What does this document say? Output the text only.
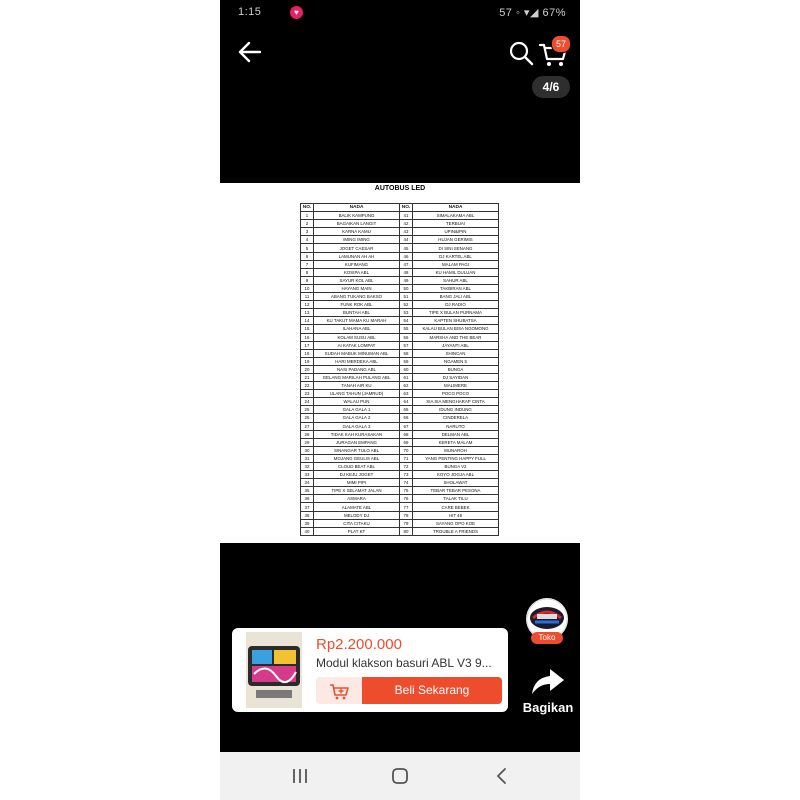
1:15	♥	57 ◦ ▾◢ 67%
57
4/6
AUTOBUS LED
NO.	NADA	NO.	NADA
1	BALIK KAMPUNG	41	SIMALAKAMA ABL
2	BAGAIKAN LANGIT	42	TERBUAI
3	KARNA KAMU	43	UPIN&IPIN
4	IMING IMING	44	HUJAN GERIMIS
5	JOGET CAESAR	45	DI SINI SENANG
6	LAMUNAN AH AH	46	DJ KARTEL ABL
7	KUFIMANG	47	MALAM PAGI
8	KOSIPA ABL	48	KU HAMIL DULUAN
9	SAYUR KOL ABL	49	SAHUR ABL
10	HAYANG MAIN	50	TAKBIRAN ABL
11	ABANG TUKANG BAKSO	51	BANG JALI ABL
12	FUNK ROK ABL	52	DJ RADIO
13	BUNTAH ABL	53	TIPE X BULAN PURNAMA
14	KU TAKUT MAMA KU MARAH	54	KAPTEN SHUBATSA
15	ILAHANA ABL	55	KALAU BULAN BISA NGOMONG
16	KOLAM SUSU ABL	56	MARSHA AND THE BEAR
17	AI KATAK LOMPAT	57	JAYANTI ABL
18	SUDAH MABUK MINUMAN ABL	58	SHINCAN
19	HARI MERDEKA ABL	59	NGAMEN 5
20	NASI PADANG ABL	60	BUNGA
21	GELANG MARILAH PULANG ABL	61	DJ SAYIDAN
22	TANAH AIR KU	62	MALIMERE
23	ULANG TAHUN (JAMRUD)	63	POCO POCO
24	WALAU PUN	64	SIA SIA MENGHARAP CINTA
25	GALA GALA 1	65	IDUNG INDUNG
26	GALA GALA 2	66	CINDERELA
27	GALA GALA 3	67	NARUTO
28	TIDAK KAH KURASAKAN	68	DELMAN ABL
29	JURAGAN EMPANG	69	KERETA MALAM
30	SINANGAR TULO ABL	70	MUNAROH
31	MOJANG GEULIS ABL	71	YANG PENTING HAPPY FULL
32	CLOUD BEAT ABL	72	BUNGA V2
33	DJ KEJU JOGET	73	KOYO JOGJA ABL
34	MIMI PIPI	74	SHOLAWAT
35	TIPE X SELAMAT JALAN	75	TEBAR TEBAR PESONA
36	ASMARA	76	TALAK TILU
37	ALAMATE ABL	77	CARE BEBEK
38	MELODY DJ	78	HIT 48
39	CITA CITAKU	79	SAYANG OPO KOE
40	PLAT KT	80	TROUBLE A FRIENDS
Toko
Rp2.200.000
Modul klakson basuri ABL V3 9...
Beli Sekarang
Bagikan
